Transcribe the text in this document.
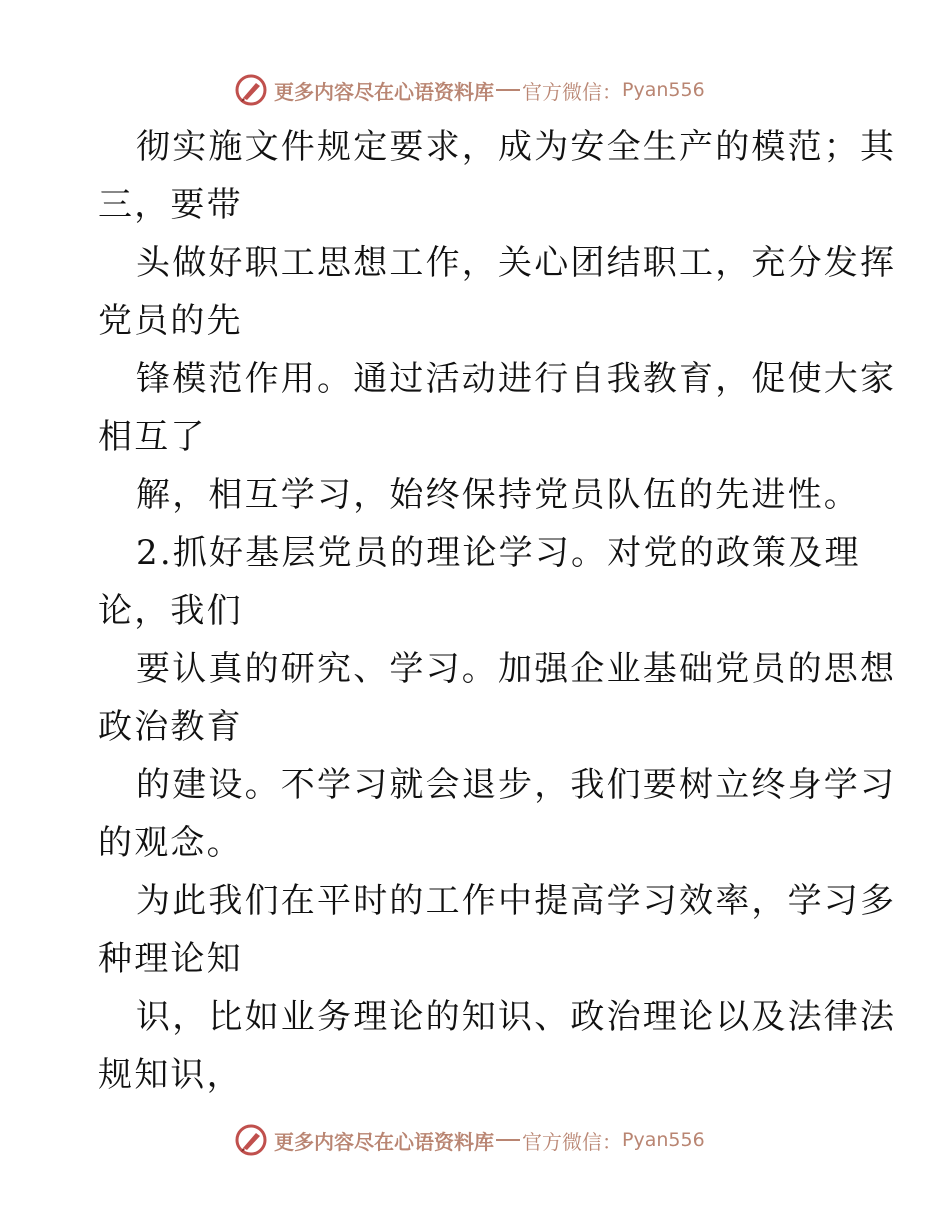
更多内容尽在心语资料库 官方微信： Pyan556
彻实施文件规定要求，成为安全生产的模范；其
三，要带
头做好职工思想工作，关心团结职工，充分发挥
党员的先
锋模范作用。通过活动进行自我教育，促使大家
相互了
解，相互学习，始终保持党员队伍的先进性。
2.抓好基层党员的理论学习。对党的政策及理
论，我们
要认真的研究、学习。加强企业基础党员的思想
政治教育
的建设。不学习就会退步，我们要树立终身学习
的观念。
为此我们在平时的工作中提高学习效率，学习多
种理论知
识，比如业务理论的知识、政治理论以及法律法
规知识，
更多内容尽在心语资料库 官方微信： Pyan556
